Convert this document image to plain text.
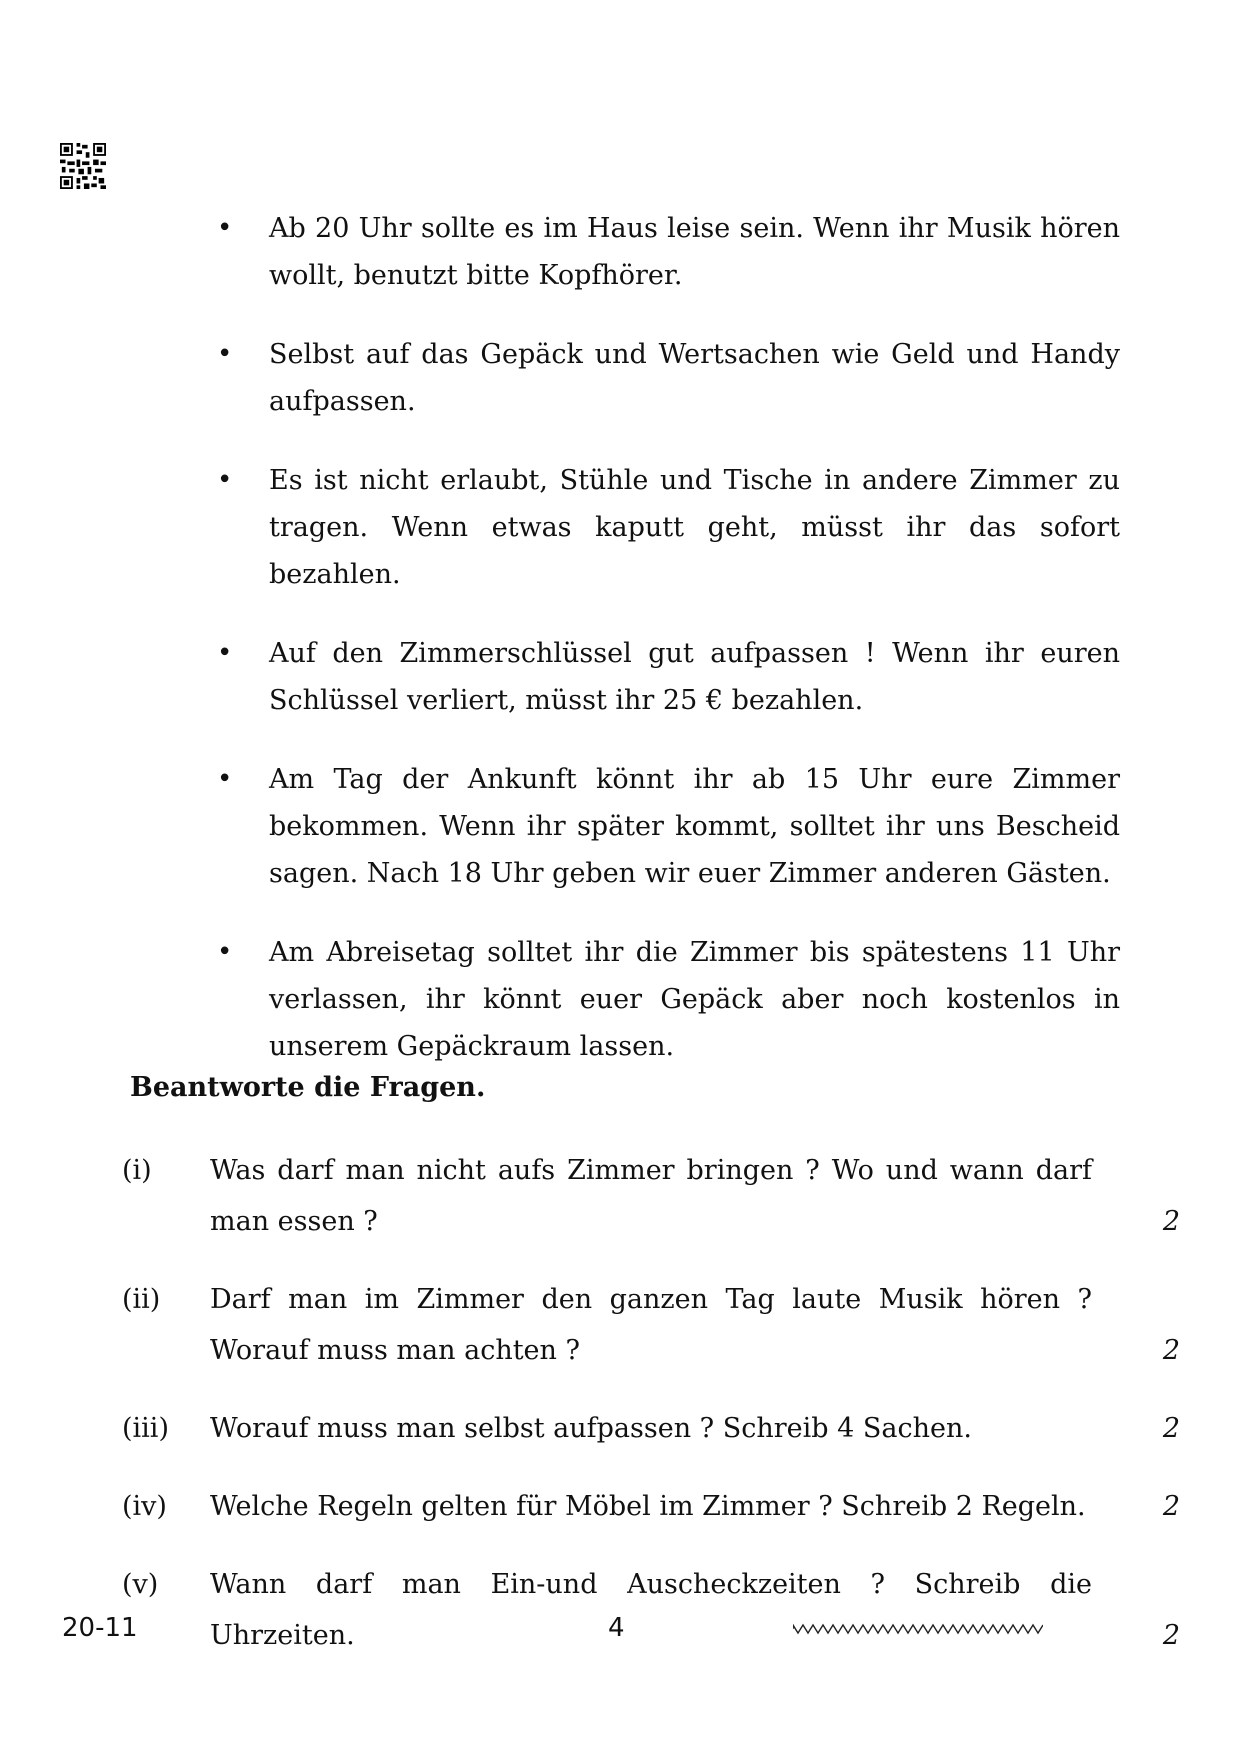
•	Ab 20 Uhr sollte es im Haus leise sein. Wenn ihr Musik hören wollt, benutzt bitte Kopfhörer.
•	Selbst auf das Gepäck und Wertsachen wie Geld und Handy aufpassen.
•	Es ist nicht erlaubt, Stühle und Tische in andere Zimmer zu tragen. Wenn etwas kaputt geht, müsst ihr das sofort bezahlen.
•	Auf den Zimmerschlüssel gut aufpassen ! Wenn ihr euren Schlüssel verliert, müsst ihr 25 € bezahlen.
•	Am Tag der Ankunft könnt ihr ab 15 Uhr eure Zimmer bekommen. Wenn ihr später kommt, solltet ihr uns Bescheid sagen. Nach 18 Uhr geben wir euer Zimmer anderen Gästen.
•	Am Abreisetag solltet ihr die Zimmer bis spätestens 11 Uhr verlassen, ihr könnt euer Gepäck aber noch kostenlos in unserem Gepäckraum lassen.
Beantworte die Fragen.
(i)	Was darf man nicht aufs Zimmer bringen ? Wo und wann darf man essen ?	2
(ii)	Darf man im Zimmer den ganzen Tag laute Musik hören ? Worauf muss man achten ?	2
(iii)	Worauf muss man selbst aufpassen ? Schreib 4 Sachen.	2
(iv)	Welche Regeln gelten für Möbel im Zimmer ? Schreib 2 Regeln.	2
(v)	Wann darf man Ein-und Auscheckzeiten ? Schreib die Uhrzeiten.	2
20-11	4
